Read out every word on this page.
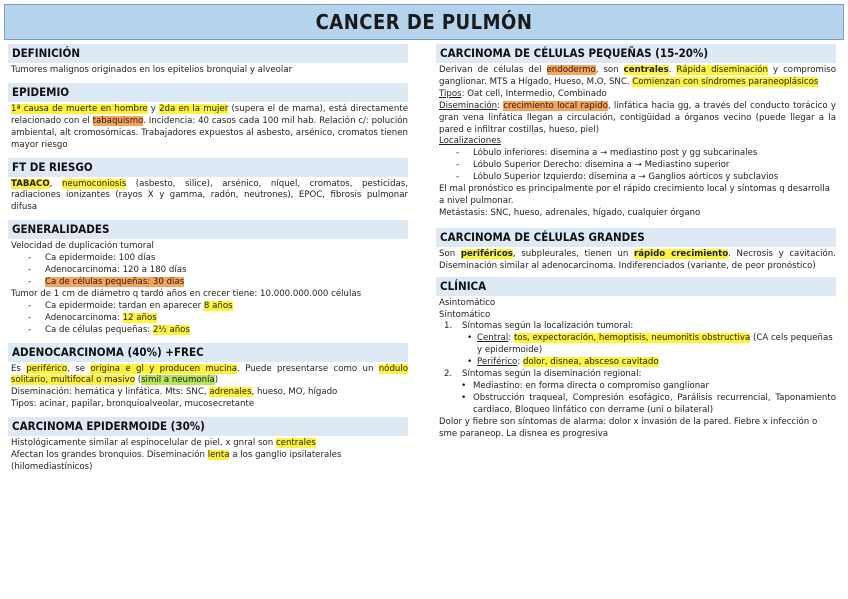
CANCER DE PULMÓN
DEFINICIÓN

Tumores malignos originados en los epitelios bronquial y alveolar

EPIDEMIO

1ª causa de muerte en hombre y 2da en la mujer (supera el de mama), está directamente relacionado con el tabaquismo. Incidencia: 40 casos cada 100 mil hab. Relación c/: polución ambiental, alt cromosómicas. Trabajadores expuestos al asbesto, arsénico, cromatos tienen mayor riesgo

FT DE RIESGO

TABACO, neumoconiosis (asbesto, silice), arsénico, níquel, cromatos, pesticidas, radiaciones ionizantes (rayos X y gamma, radón, neutrones), EPOC, fibrosis pulmonar difusa

GENERALIDADES

Velocidad de duplicación tumoral

- Ca epidermoide: 100 días
- Adenocarcinoma: 120 a 180 días
- Ca de células pequeñas: 30 días

Tumor de 1 cm de diámetro q tardó años en crecer tiene: 10.000.000.000 células

- Ca epidermoide: tardan en aparecer 8 años
- Adenocarcinoma: 12 años
- Ca de células pequeñas: 2½ años
ADENOCARCINOMA (40%) +FREC

Es periférico, se origina e gl y producen mucina. Puede presentarse como un nódulo solitario, multifocal o masivo (simil a neumonía)

Diseminación: hemática y linfática. Mts: SNC, adrenales, hueso, MO, hígado

Tipos: acinar, papilar, bronquioalveolar, mucosecretante

CARCINOMA EPIDERMOIDE (30%)

Histológicamente similar al espinocelular de piel, x gnral son centrales
Afectan los grandes bronquios. Diseminación lenta a los ganglio ipsilaterales (hilomediastínicos)

CARCINOMA DE CÉLULAS PEQUEÑAS (15-20%)

Derivan de células del endodermo, son centrales. Rápida diseminación y compromiso ganglionar. MTS a Hígado, Hueso, M.O, SNC. Comienzan con síndromes paraneoplásicos

Tipos: Oat cell, Intermedio, Combinado

Diseminación: crecimiento local rapido, linfática hacia gg, a través del conducto torácico y gran vena linfática llegan a circulación, contigüidad a órganos vecino (puede llegar a la pared e infiltrar costillas, hueso, piel)

Localizaciones

- Lóbulo inferiores: disemina a → mediastino post y gg subcarinales
- Lóbulo Superior Derecho: disemina a → Mediastino superior
- Lóbulo Superior Izquierdo: disemina a → Ganglios aórticos y subclavios

El mal pronóstico es principalmente por el rápido crecimiento local y síntomas q desarrolla a nivel pulmonar.

Metástasis: SNC, hueso, adrenales, hígado, cualquier órgano

CARCINOMA DE CÉLULAS GRANDES

Son periféricos, subpleurales, tienen un rápido crecimiento. Necrosis y cavitación. Diseminación similar al adenocarcinoma. Indiferenciados (variante, de peor pronóstico)

CLÍNICA

Asintomático

Sintomático

1. Síntomas según la localización tumoral:
• Central: tos, expectoración, hemoptisis, neumonitis obstructiva (CA cels pequeñas y epidermoide)
• Periférico: dolor, disnea, absceso cavitado
2. Síntomas según la diseminación regional:
• Mediastino: en forma directa o compromiso ganglionar
• Obstrucción traqueal, Compresión esofágico, Parálisis recurrencial, Taponamiento cardiaco, Bloqueo linfático con derrame (uni o bilateral)

Dolor y fiebre son síntomas de alarma: dolor x invasión de la pared. Fiebre x infección o sme paraneop. La disnea es progresiva
